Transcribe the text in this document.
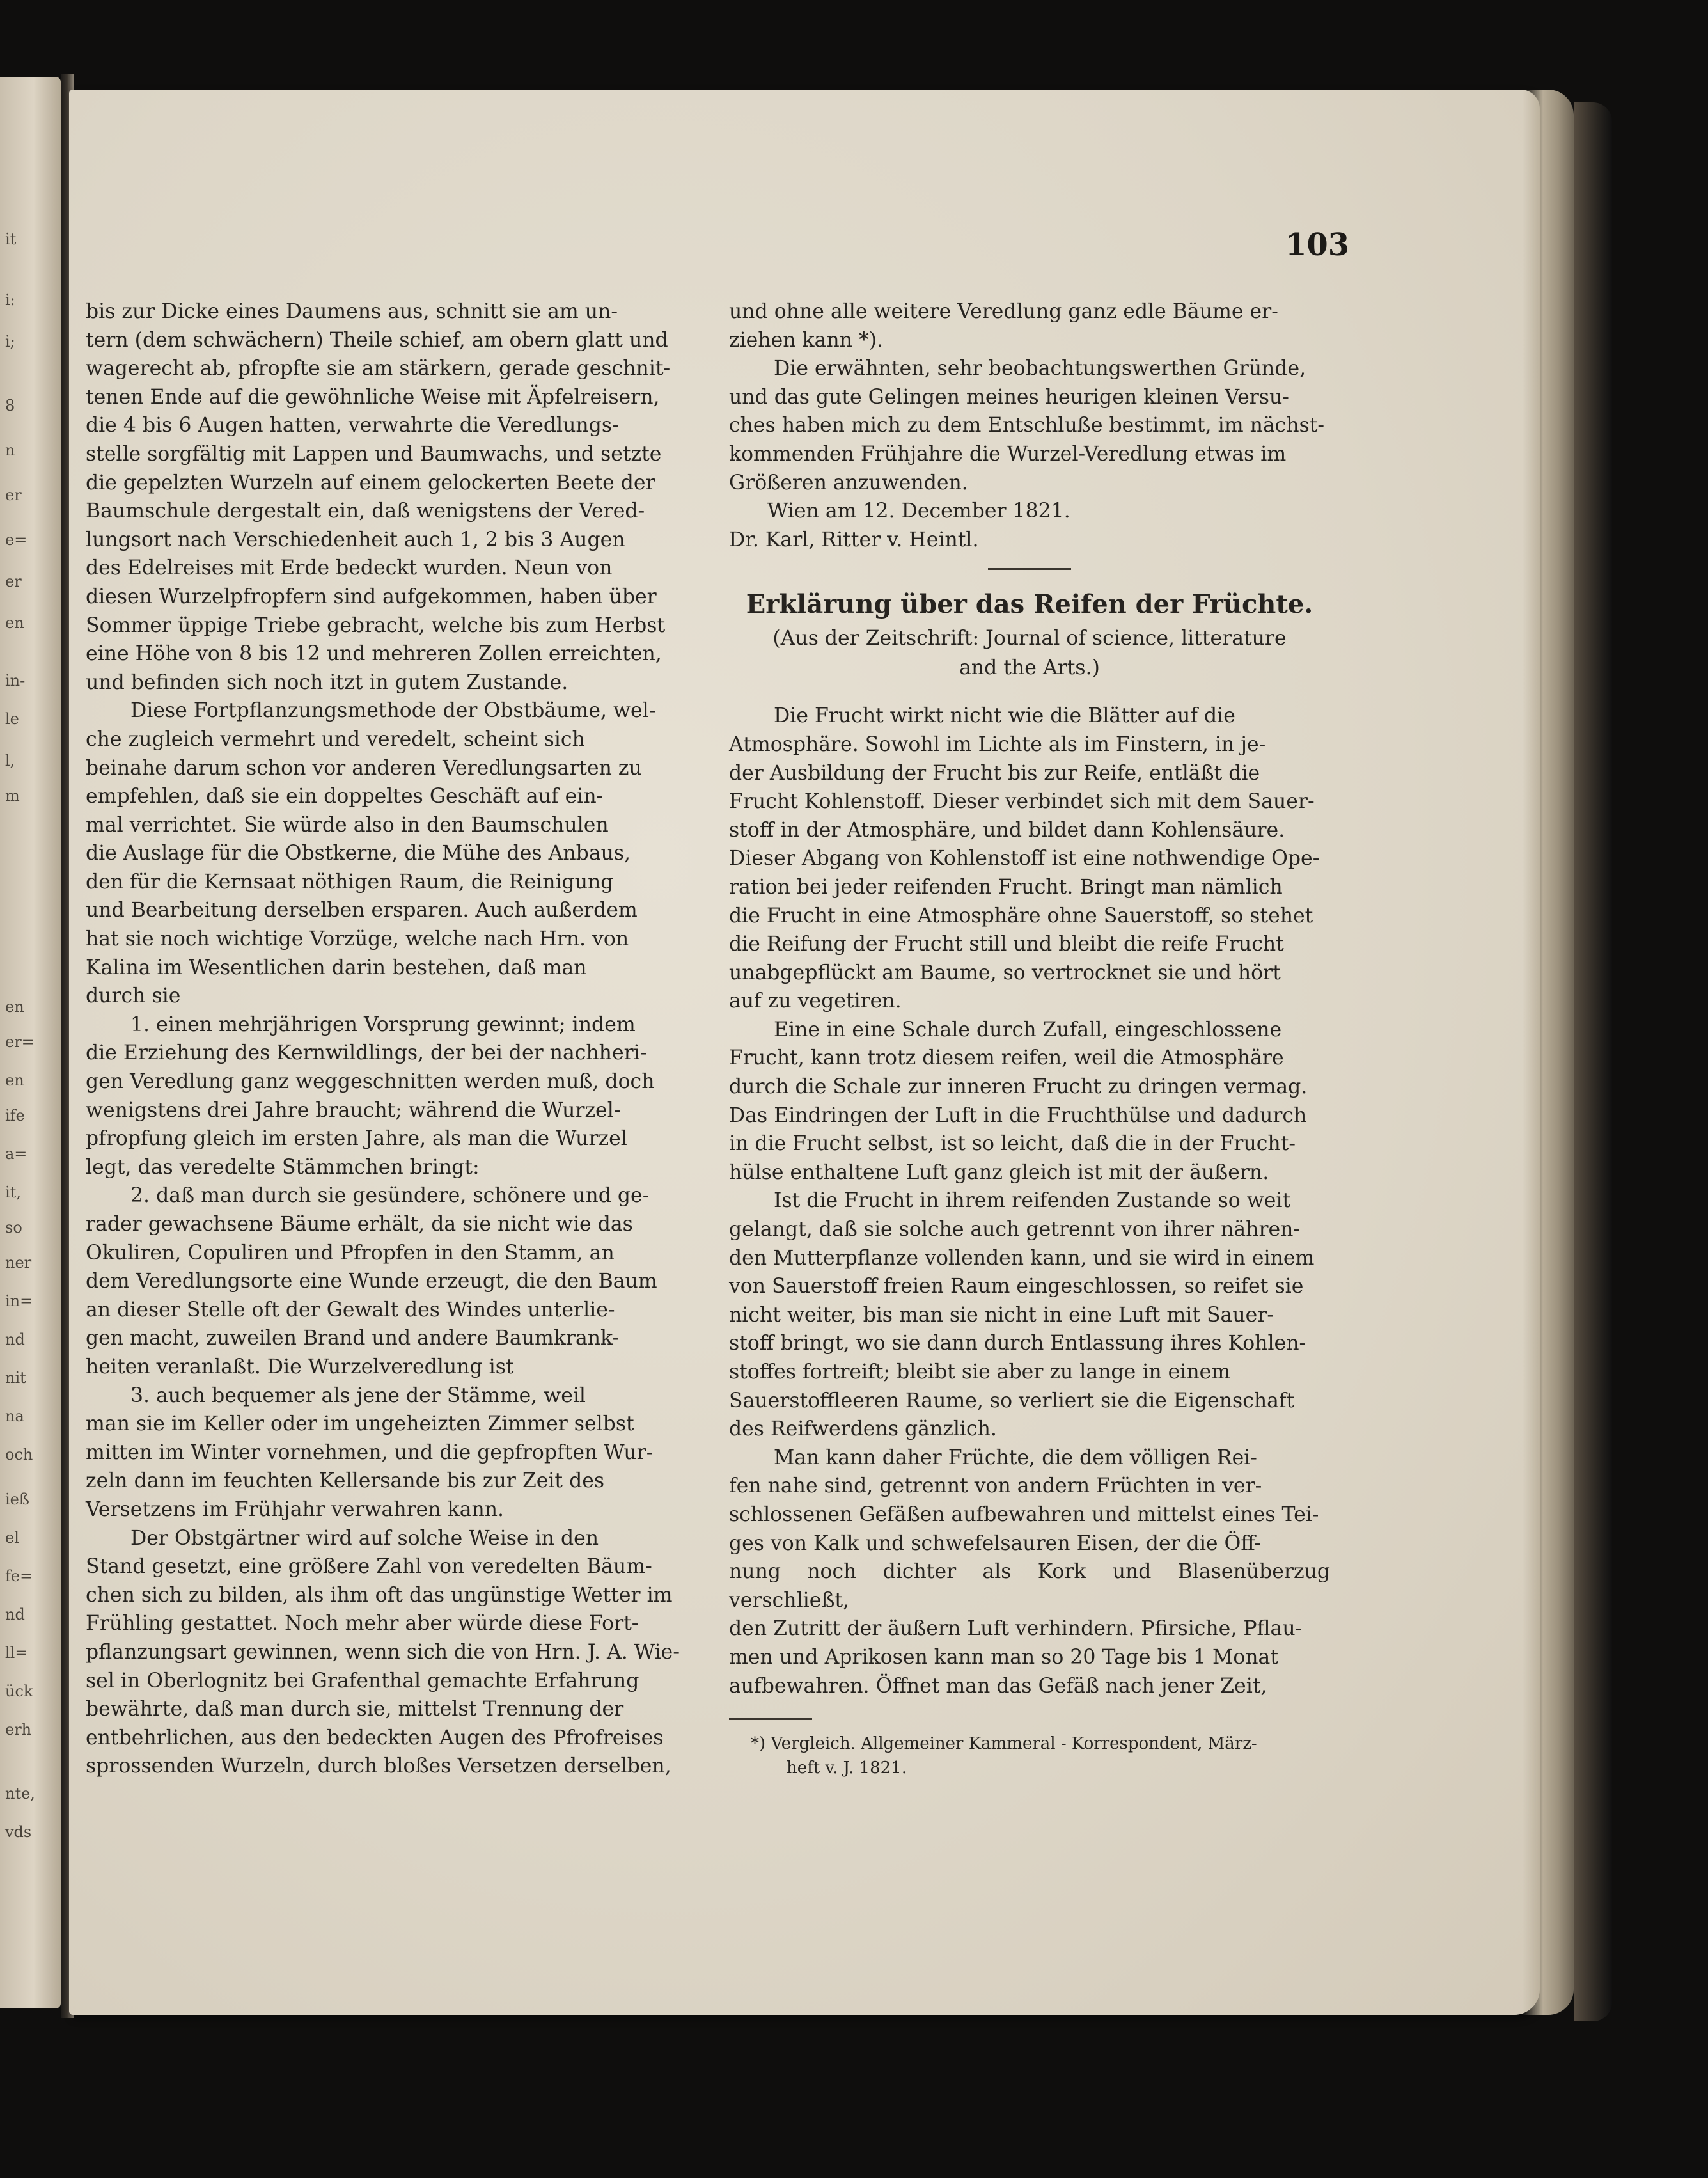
it
i:
i;
8
n
er
e=
er
en
in-
le
l,
m
en
er=
en
ife
a=
it,
so
ner
in=
nd
nit
na
och
ieß
el
fe=
nd
ll=
ück
erh
nte,
vds
103

bis zur Dicke eines Daumens aus, schnitt sie am un-

tern (dem schwächern) Theile schief, am obern glatt und

wagerecht ab, pfropfte sie am stärkern, gerade geschnit-

tenen Ende auf die gewöhnliche Weise mit Äpfelreisern,

die 4 bis 6 Augen hatten, verwahrte die Veredlungs-

stelle sorgfältig mit Lappen und Baumwachs, und setzte

die gepelzten Wurzeln auf einem gelockerten Beete der

Baumschule dergestalt ein, daß wenigstens der Vered-

lungsort nach Verschiedenheit auch 1, 2 bis 3 Augen

des Edelreises mit Erde bedeckt wurden. Neun von

diesen Wurzelpfropfern sind aufgekommen, haben über

Sommer üppige Triebe gebracht, welche bis zum Herbst

eine Höhe von 8 bis 12 und mehreren Zollen erreichten,

und befinden sich noch itzt in gutem Zustande.

Diese Fortpflanzungsmethode der Obstbäume, wel-

che zugleich vermehrt und veredelt, scheint sich

beinahe darum schon vor anderen Veredlungsarten zu

empfehlen, daß sie ein doppeltes Geschäft auf ein-

mal verrichtet. Sie würde also in den Baumschulen

die Auslage für die Obstkerne, die Mühe des Anbaus,

den für die Kernsaat nöthigen Raum, die Reinigung

und Bearbeitung derselben ersparen. Auch außerdem

hat sie noch wichtige Vorzüge, welche nach Hrn. von

Kalina im Wesentlichen darin bestehen, daß man

durch sie

1. einen mehrjährigen Vorsprung gewinnt; indem

die Erziehung des Kernwildlings, der bei der nachheri-

gen Veredlung ganz weggeschnitten werden muß, doch

wenigstens drei Jahre braucht; während die Wurzel-

pfropfung gleich im ersten Jahre, als man die Wurzel

legt, das veredelte Stämmchen bringt:

2. daß man durch sie gesündere, schönere und ge-

rader gewachsene Bäume erhält, da sie nicht wie das

Okuliren, Copuliren und Pfropfen in den Stamm, an

dem Veredlungsorte eine Wunde erzeugt, die den Baum

an dieser Stelle oft der Gewalt des Windes unterlie-

gen macht, zuweilen Brand und andere Baumkrank-

heiten veranlaßt. Die Wurzelveredlung ist

3. auch bequemer als jene der Stämme, weil

man sie im Keller oder im ungeheizten Zimmer selbst

mitten im Winter vornehmen, und die gepfropften Wur-

zeln dann im feuchten Kellersande bis zur Zeit des

Versetzens im Frühjahr verwahren kann.

Der Obstgärtner wird auf solche Weise in den

Stand gesetzt, eine größere Zahl von veredelten Bäum-

chen sich zu bilden, als ihm oft das ungünstige Wetter im

Frühling gestattet. Noch mehr aber würde diese Fort-

pflanzungsart gewinnen, wenn sich die von Hrn. J. A. Wie-

sel in Oberlognitz bei Grafenthal gemachte Erfahrung

bewährte, daß man durch sie, mittelst Trennung der

entbehrlichen, aus den bedeckten Augen des Pfrofreises

sprossenden Wurzeln, durch bloßes Versetzen derselben,

und ohne alle weitere Veredlung ganz edle Bäume er-

ziehen kann *).

Die erwähnten, sehr beobachtungswerthen Gründe,

und das gute Gelingen meines heurigen kleinen Versu-

ches haben mich zu dem Entschluße bestimmt, im nächst-

kommenden Frühjahre die Wurzel-Veredlung etwas im

Größeren anzuwenden.

Wien am 12. December 1821.

Dr. Karl, Ritter v. Heintl.

Erklärung über das Reifen der Früchte.

(Aus der Zeitschrift: Journal of science, litterature

and the Arts.)

Die Frucht wirkt nicht wie die Blätter auf die

Atmosphäre. Sowohl im Lichte als im Finstern, in je-

der Ausbildung der Frucht bis zur Reife, entläßt die

Frucht Kohlenstoff. Dieser verbindet sich mit dem Sauer-

stoff in der Atmosphäre, und bildet dann Kohlensäure.

Dieser Abgang von Kohlenstoff ist eine nothwendige Ope-

ration bei jeder reifenden Frucht. Bringt man nämlich

die Frucht in eine Atmosphäre ohne Sauerstoff, so stehet

die Reifung der Frucht still und bleibt die reife Frucht

unabgepflückt am Baume, so vertrocknet sie und hört

auf zu vegetiren.

Eine in eine Schale durch Zufall, eingeschlossene

Frucht, kann trotz diesem reifen, weil die Atmosphäre

durch die Schale zur inneren Frucht zu dringen vermag.

Das Eindringen der Luft in die Fruchthülse und dadurch

in die Frucht selbst, ist so leicht, daß die in der Frucht-

hülse enthaltene Luft ganz gleich ist mit der äußern.

Ist die Frucht in ihrem reifenden Zustande so weit

gelangt, daß sie solche auch getrennt von ihrer nähren-

den Mutterpflanze vollenden kann, und sie wird in einem

von Sauerstoff freien Raum eingeschlossen, so reifet sie

nicht weiter, bis man sie nicht in eine Luft mit Sauer-

stoff bringt, wo sie dann durch Entlassung ihres Kohlen-

stoffes fortreift; bleibt sie aber zu lange in einem

Sauerstoffleeren Raume, so verliert sie die Eigenschaft

des Reifwerdens gänzlich.

Man kann daher Früchte, die dem völligen Rei-

fen nahe sind, getrennt von andern Früchten in ver-

schlossenen Gefäßen aufbewahren und mittelst eines Tei-

ges von Kalk und schwefelsauren Eisen, der die Öff-

nung noch dichter als Kork und Blasenüberzug verschließt,

den Zutritt der äußern Luft verhindern. Pfirsiche, Pflau-

men und Aprikosen kann man so 20 Tage bis 1 Monat

aufbewahren. Öffnet man das Gefäß nach jener Zeit,

*) Vergleich. Allgemeiner Kammeral - Korrespondent, März-

heft v. J. 1821.
